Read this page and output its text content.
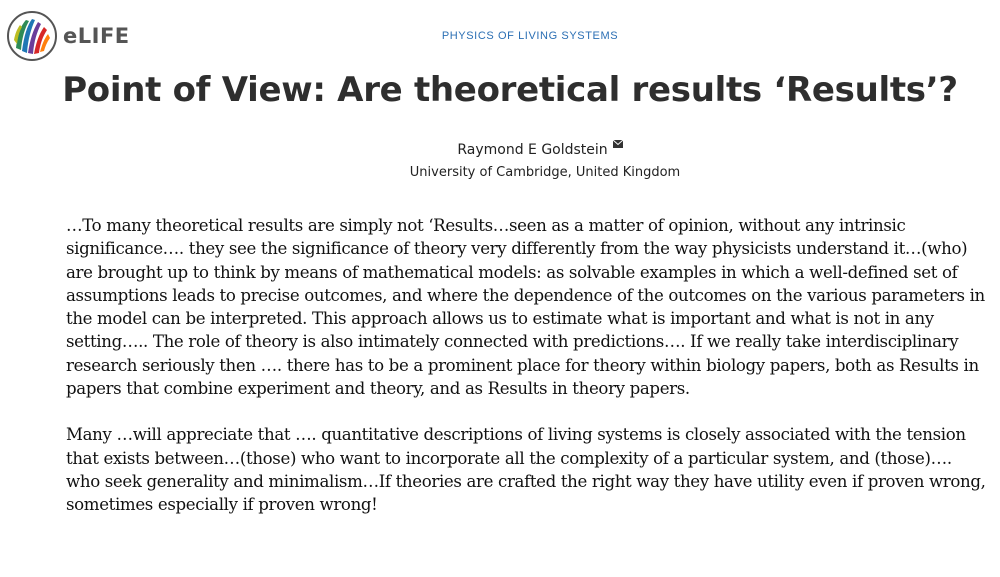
eLIFE	PHYSICS OF LIVING SYSTEMS
Point of View: Are theoretical results ‘Results’?
Raymond E Goldstein
University of Cambridge, United Kingdom

…To many theoretical results are simply not ‘Results…seen as a matter of opinion, without any intrinsic significance…. they see the significance of theory very differently from the way physicists understand it…(who) are brought up to think by means of mathematical models: as solvable examples in which a well-defined set of assumptions leads to precise outcomes, and where the dependence of the outcomes on the various parameters in the model can be interpreted. This approach allows us to estimate what is important and what is not in any setting….. The role of theory is also intimately connected with predictions…. If we really take interdisciplinary research seriously then …. there has to be a prominent place for theory within biology papers, both as Results in papers that combine experiment and theory, and as Results in theory papers.

Many …will appreciate that …. quantitative descriptions of living systems is closely associated with the tension that exists between…(those) who want to incorporate all the complexity of a particular system, and (those)…. who seek generality and minimalism…If theories are crafted the right way they have utility even if proven wrong, sometimes especially if proven wrong!
